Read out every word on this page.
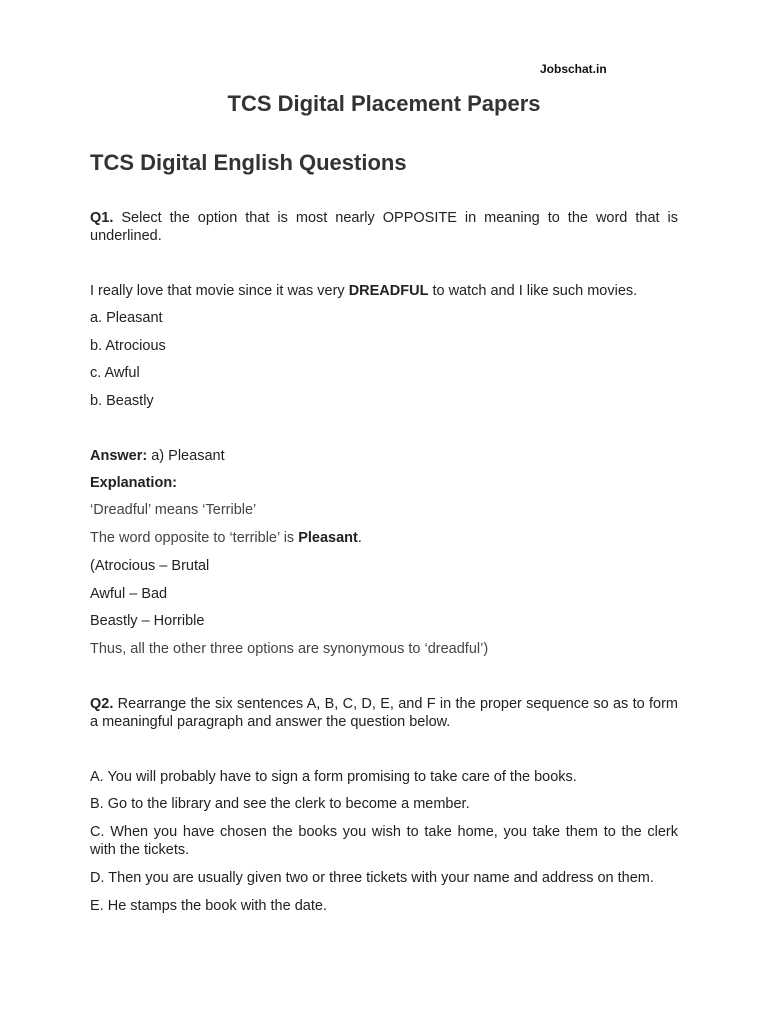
Jobschat.in
TCS Digital Placement Papers
TCS Digital English Questions
Q1. Select the option that is most nearly OPPOSITE in meaning to the word that is underlined.
I really love that movie since it was very DREADFUL to watch and I like such movies.
a. Pleasant
b. Atrocious
c. Awful
b. Beastly
Answer: a) Pleasant
Explanation:
‘Dreadful’ means ‘Terrible’
The word opposite to ‘terrible’ is Pleasant.
(Atrocious – Brutal
Awful – Bad
Beastly – Horrible
Thus, all the other three options are synonymous to ‘dreadful’)
Q2. Rearrange the six sentences A, B, C, D, E, and F in the proper sequence so as to form a meaningful paragraph and answer the question below.
A. You will probably have to sign a form promising to take care of the books.
B. Go to the library and see the clerk to become a member.
C. When you have chosen the books you wish to take home, you take them to the clerk with the tickets.
D. Then you are usually given two or three tickets with your name and address on them.
E. He stamps the book with the date.
